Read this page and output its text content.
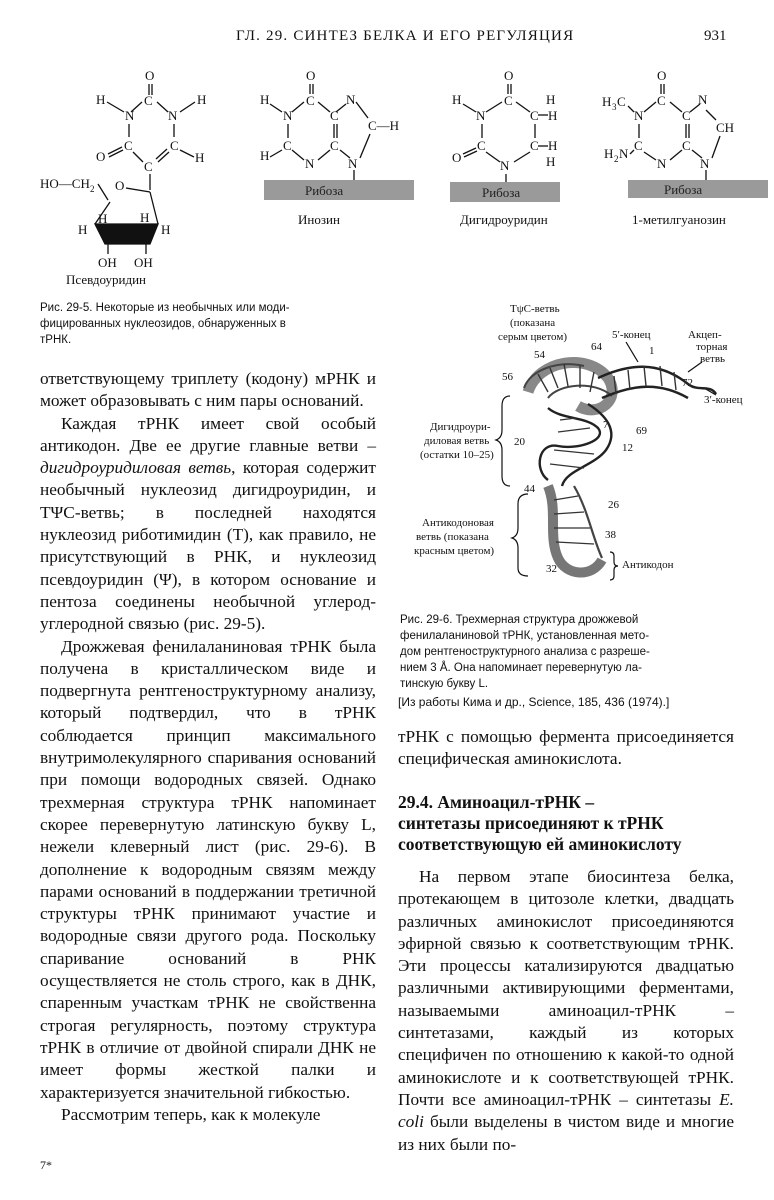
ГЛ. 29. СИНТЕЗ БЕЛКА И ЕГО РЕГУЛЯЦИЯ	931
O
C
N	N
H	H
C	C
O
C
H
HO—CH 2 O
H
H	H
H
OH OH
O
C
H
N	C
N
C—H
C
H
N
C
N
O
C
H
N	C
H
H
C	C H
H
O
N
O
C
H 3 C
N	C
N
CH
C
H 2 N
N
C
N
Рибоза	Рибоза	Рибоза
Псевдоуридин
Инозин	Дигидроуридин	1-метилгуанозин
Рис. 29-5. Некоторые из необычных или моди-
фицированных нуклеозидов, обнаруженных в
тРНК.
TψC-ветвь
(показана
серым цветом)	5′-конец	Акцеп-
торная
ветвь
3′-конец
Дигидроури-
диловая ветвь
(остатки 10–25)
Антикодоновая
ветвь (показана
красным цветом)
Антикодон
54
64	1
56	72
7	69
20	12
44
26
38
32
Рис. 29-6. Трехмерная структура дрожжевой
фенилаланиновой тРНК, установленная мето-
дом рентгеноструктурного анализа с разреше-
нием 3 Å. Она напоминает перевернутую ла-
тинскую букву L.
[Из работы Кима и др., Science, 185, 436 (1974).]

ответствующему триплету (кодону) мРНК и может образовывать с ним пары оснований.

Каждая тРНК имеет свой особый антикодон. Две ее другие главные ветви – дигидроуридиловая ветвь, которая содержит необычный нуклеозид дигидроуридин, и TΨC-ветвь; в последней находятся нуклеозид риботимидин (T), как правило, не присутствующий в РНК, и нуклеозид псевдоуридин (Ψ), в котором основание и пентоза соединены необычной углерод-углеродной связью (рис. 29-5).

Дрожжевая фенилаланиновая тРНК была получена в кристаллическом виде и подвергнута рентгеноструктурному анализу, который подтвердил, что в тРНК соблюдается принцип максимального внутримолекулярного спаривания оснований при помощи водородных связей. Однако трехмерная структура тРНК напоминает скорее перевернутую латинскую букву L, нежели клеверный лист (рис. 29-6). В дополнение к водородным связям между парами оснований в поддержании третичной структуры тРНК принимают участие и водородные связи другого рода. Поскольку спаривание оснований в РНК осуществляется не столь строго, как в ДНК, спаренным участкам тРНК не свойственна строгая регулярность, поэтому структура тРНК в отличие от двойной спирали ДНК не имеет формы жесткой палки и характеризуется значительной гибкостью.

Рассмотрим теперь, как к молекуле

тРНК с помощью фермента присоединяется специфическая аминокислота.

29.4. Аминоацил-тРНК –
синтетазы присоединяют к тРНК
соответствующую ей аминокислоту

На первом этапе биосинтеза белка, протекающем в цитозоле клетки, двадцать различных аминокислот присоединяются эфирной связью к соответствующим тРНК. Эти процессы катализируются двадцатью различными активирующими ферментами, называемыми аминоацил-тРНК – синтетазами, каждый из которых специфичен по отношению к какой-то одной аминокислоте и к соответствующей тРНК. Почти все аминоацил-тРНК – синтетазы E. coli были выделены в чистом виде и многие из них были по-

7*
